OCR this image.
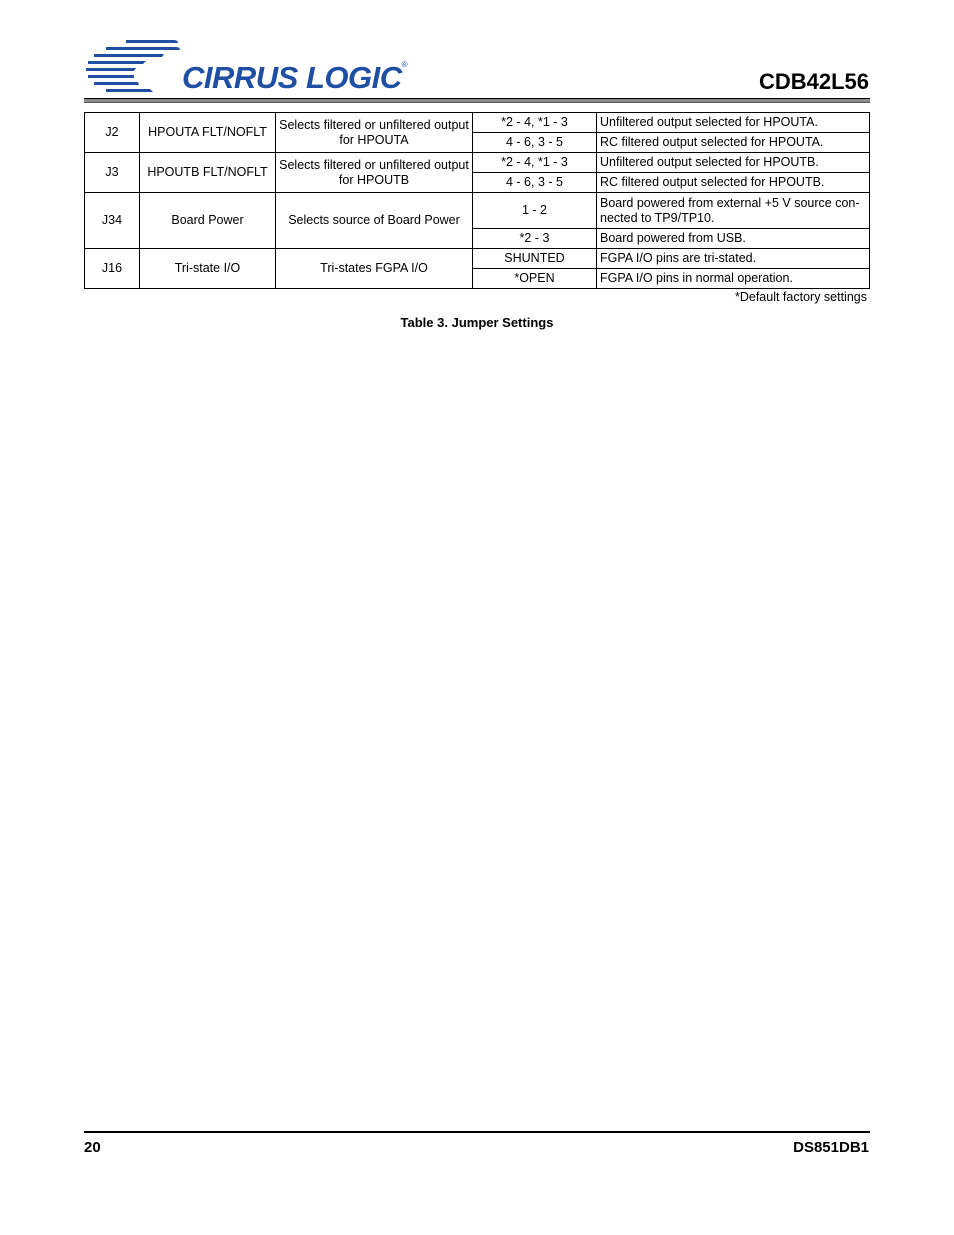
CIRRUS LOGIC®
CDB42L56
J2	HPOUTA FLT/NOFLT	Selects filtered or unfiltered output for HPOUTA	*2 - 4, *1 - 3	Unfiltered output selected for HPOUTA.
			4 - 6, 3 - 5	RC filtered output selected for HPOUTA.
J3	HPOUTB FLT/NOFLT	Selects filtered or unfiltered output for HPOUTB	*2 - 4, *1 - 3	Unfiltered output selected for HPOUTB.
			4 - 6, 3 - 5	RC filtered output selected for HPOUTB.
J34	Board Power	Selects source of Board Power	1 - 2	Board powered from external +5 V source con-nected to TP9/TP10.
			*2 - 3	Board powered from USB.
J16	Tri-state I/O	Tri-states FGPA I/O	SHUNTED	FGPA I/O pins are tri-stated.
			*OPEN	FGPA I/O pins in normal operation.
*Default factory settings
Table 3. Jumper Settings
20	DS851DB1
